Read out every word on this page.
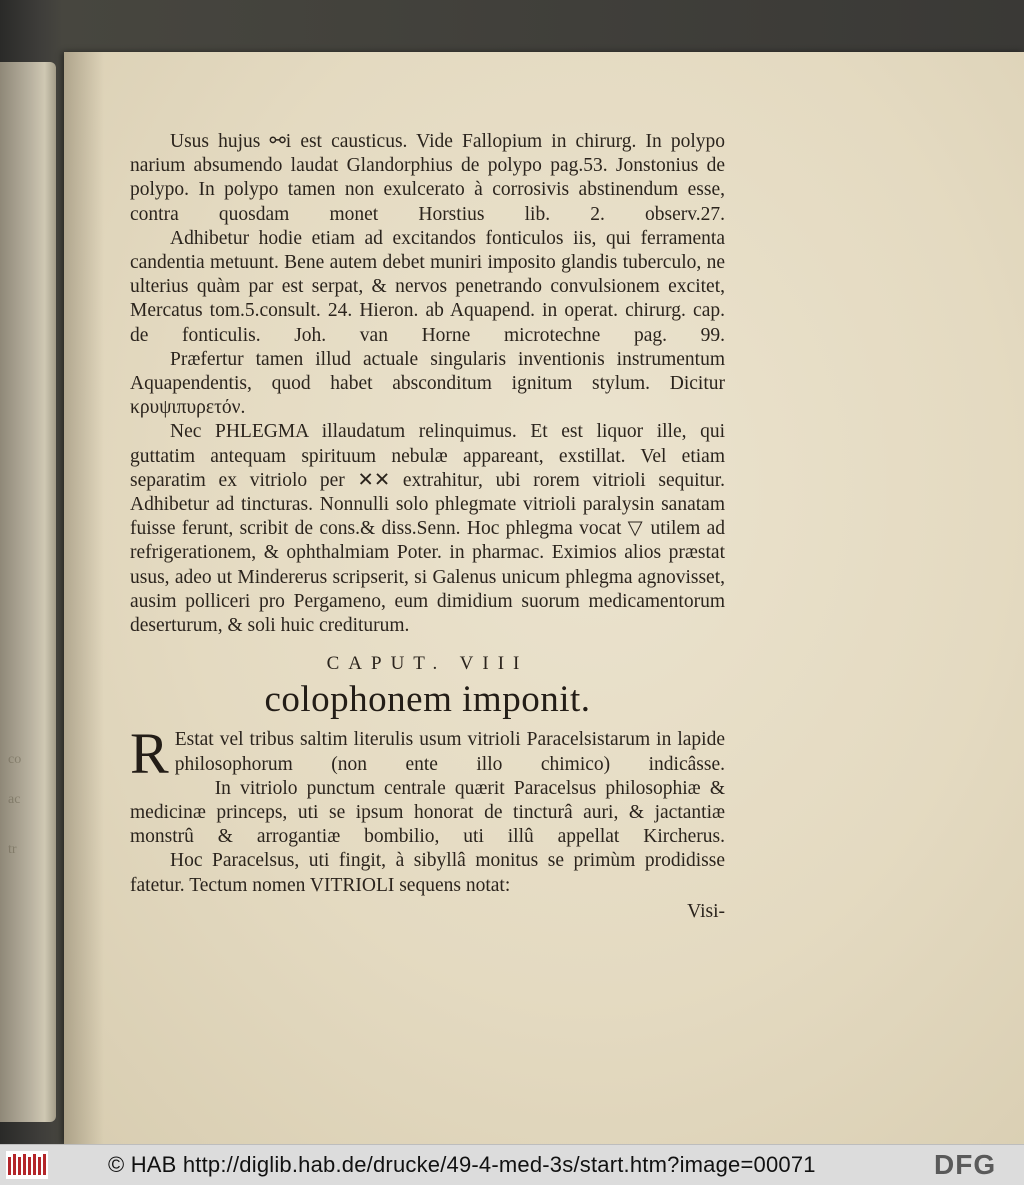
co
ac
tr

Usus hujus ⚯i est causticus. Vide Fallopium in chirurg. In polypo narium absumendo laudat Glandorphius de polypo pag.53. Jonstonius de polypo. In polypo tamen non exulcerato à corrosivis abstinendum esse, contra quosdam monet Horstius lib. 2. observ.27.

Adhibetur hodie etiam ad excitandos fonticulos iis, qui ferramenta candentia metuunt. Bene autem debet muniri imposito glandis tuberculo, ne ulterius quàm par est serpat, & nervos penetrando convulsionem excitet, Mercatus tom.5.consult. 24. Hieron. ab Aquapend. in operat. chirurg. cap. de fonticulis. Joh. van Horne microtechne pag. 99.

Præfertur tamen illud actuale singularis inventionis instrumentum Aquapendentis, quod habet absconditum ignitum stylum. Dicitur κρυψιπυρετόν.

Nec PHLEGMA illaudatum relinquimus. Et est liquor ille, qui guttatim antequam spirituum nebulæ appareant, exstillat. Vel etiam separatim ex vitriolo per ✕✕ extrahitur, ubi rorem vitrioli sequitur. Adhibetur ad tincturas. Nonnulli solo phlegmate vitrioli paralysin sanatam fuisse ferunt, scribit de cons.& diss.Senn. Hoc phlegma vocat ▽ utilem ad refrigerationem, & ophthalmiam Poter. in pharmac. Eximios alios præstat usus, adeo ut Mindererus scripserit, si Galenus unicum phlegma agnovisset, ausim polliceri pro Pergameno, eum dimidium suorum medicamentorum deserturum, & soli huic crediturum.

CAPUT. VIII
colophonem imponit.

R Estat vel tribus saltim literulis usum vitrioli Paracelsistarum in lapide philosophorum (non ente illo chimico) indicâsse.

In vitriolo punctum centrale quærit Paracelsus philosophiæ & medicinæ princeps, uti se ipsum honorat de tincturâ auri, & jactantiæ monstrû & arrogantiæ bombilio, uti illû appellat Kircherus.

Hoc Paracelsus, uti fingit, à sibyllâ monitus se primùm prodidisse fatetur. Tectum nomen VITRIOLI sequens notat:

Visi-
© HAB http://diglib.hab.de/drucke/49-4-med-3s/start.htm?image=00071	DFG
